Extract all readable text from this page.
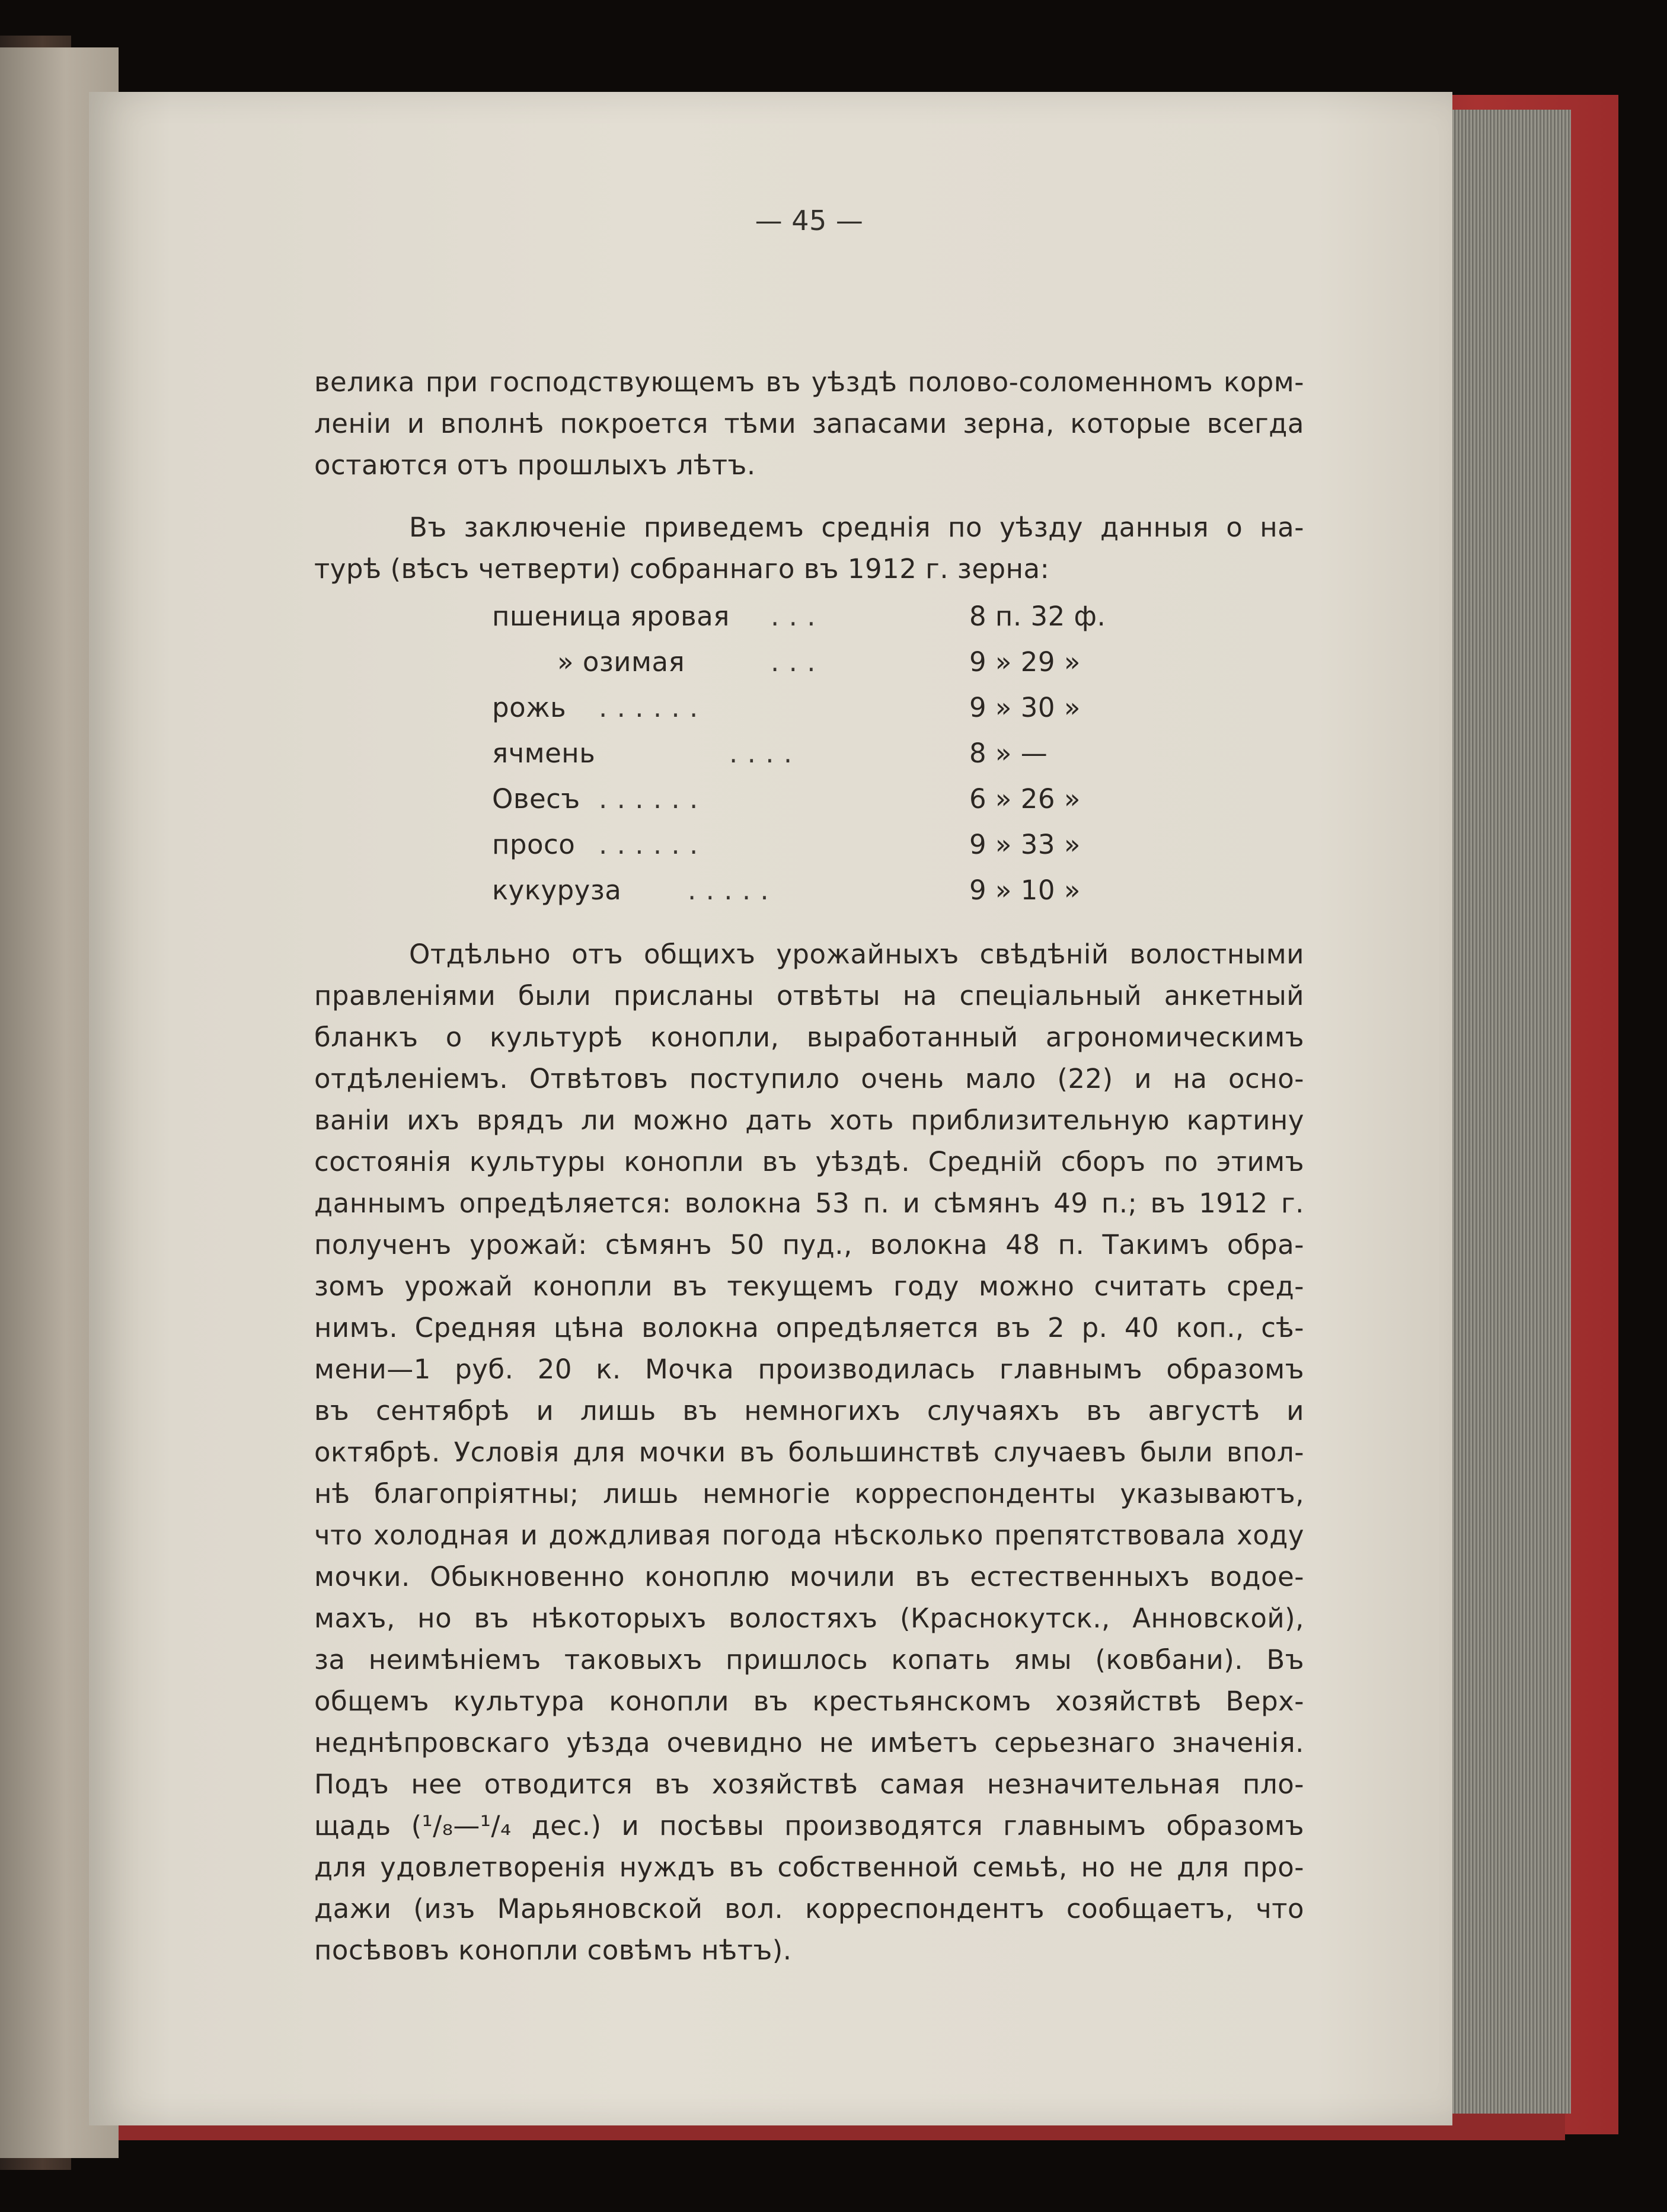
— 45 —
велика при господствующемъ въ уѣздѣ полово-соломенномъ корм-
леніи и вполнѣ покроется тѣми запасами зерна, которые всегда
остаются отъ прошлыхъ лѣтъ.
Въ заключеніе приведемъ среднія по уѣзду данныя о на-
турѣ (вѣсъ четверти) собраннаго въ 1912 г. зерна:
пшеница яровая . . .	8 п. 32 ф.
» озимая	. . .	9 » 29 »
рожь . . . . . .	9 » 30 »
ячмень	. . . .	8 » —
Овесъ . . . . . .	6 » 26 »
просо . . . . . .	9 » 33 »
кукуруза . . . . .	9 » 10 »
Отдѣльно отъ общихъ урожайныхъ свѣдѣній волостными
правленіями были присланы отвѣты на спеціальный анкетный
бланкъ о культурѣ конопли, выработанный агрономическимъ
отдѣленіемъ. Отвѣтовъ поступило очень мало (22) и на осно-
ваніи ихъ врядъ ли можно дать хоть приблизительную картину
состоянія культуры конопли въ уѣздѣ. Средній сборъ по этимъ
даннымъ опредѣляется: волокна 53 п. и сѣмянъ 49 п.; въ 1912 г.
полученъ урожай: сѣмянъ 50 пуд., волокна 48 п. Такимъ обра-
зомъ урожай конопли въ текущемъ году можно считать сред-
нимъ. Средняя цѣна волокна опредѣляется въ 2 р. 40 коп., сѣ-
мени—1 руб. 20 к. Мочка производилась главнымъ образомъ
въ сентябрѣ и лишь въ немногихъ случаяхъ въ августѣ и
октябрѣ. Условія для мочки въ большинствѣ случаевъ были впол-
нѣ благопріятны; лишь немногіе корреспонденты указываютъ,
что холодная и дождливая погода нѣсколько препятствовала ходу
мочки. Обыкновенно коноплю мочили въ естественныхъ водое-
махъ, но въ нѣкоторыхъ волостяхъ (Краснокутск., Анновской),
за неимѣніемъ таковыхъ пришлось копать ямы (ковбани). Въ
общемъ культура конопли въ крестьянскомъ хозяйствѣ Верх-
неднѣпровскаго уѣзда очевидно не имѣетъ серьезнаго значенія.
Подъ нее отводится въ хозяйствѣ самая незначительная пло-
щадь (¹/₈—¹/₄ дес.) и посѣвы производятся главнымъ образомъ
для удовлетворенія нуждъ въ собственной семьѣ, но не для про-
дажи (изъ Марьяновской вол. корреспондентъ сообщаетъ, что
посѣвовъ конопли совѣмъ нѣтъ).
